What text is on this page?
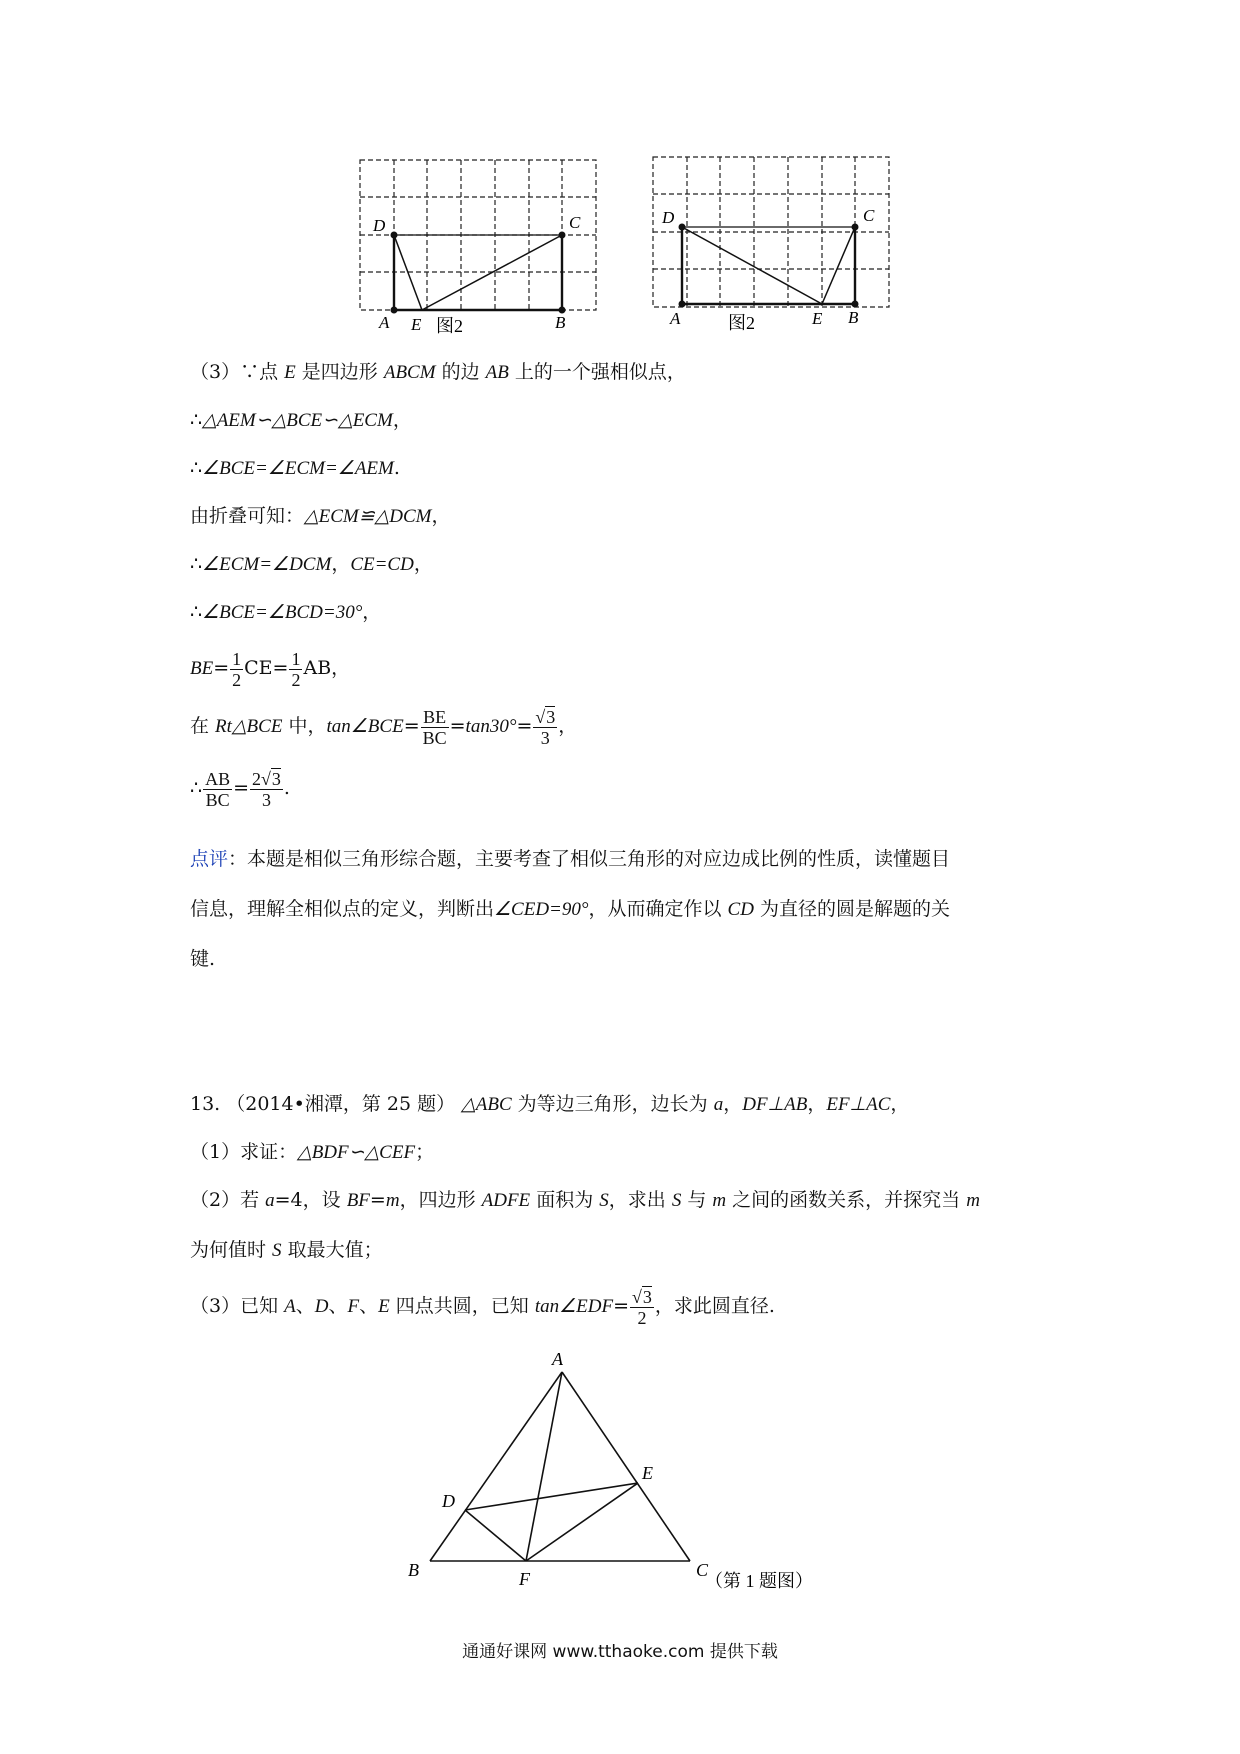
D	C
A E	B
图2
D	C
A	E B
图2
（3）∵点 E 是四边形 ABCM 的边 AB 上的一个强相似点，
∴△AEM∽△BCE∽△ECM，
∴∠BCE=∠ECM=∠AEM.
由折叠可知：△ECM≌△DCM，
∴∠ECM=∠DCM，CE=CD，
∴∠BCE=∠BCD=30°，
$BE= \frac{1}{2} CE= \frac{1}{2}$ AB，
在 Rt△BCE 中，tan∠BCE= $\frac{BE}{BC} =\tan 30^\circ= \frac{√3}{3}$ ，
∴ $\frac{AB}{BC} = \frac{2√3}{3}$ .
点评：本题是相似三角形综合题，主要考查了相似三角形的对应边成比例的性质，读懂题目
信息，理解全相似点的定义，判断出∠CED=90°，从而确定作以 CD 为直径的圆是解题的关
键.
13. （2014•湘潭，第 25 题） △ABC 为等边三角形，边长为 a，DF⊥AB，EF⊥AC，
（1）求证：△BDF∽△CEF；
（2）若 a=4，设 BF=m，四边形 ADFE 面积为 S，求出 S 与 m 之间的函数关系，并探究当 m
为何值时 S 取最大值；
（3）已知 A、D、F、E 四点共圆，已知 tan∠EDF= $\frac{√3}{2}$ ，求此圆直径.
A
B	C
D
E
F	（第 1 题图）
通通好课网 www.tthaoke.com 提供下载
